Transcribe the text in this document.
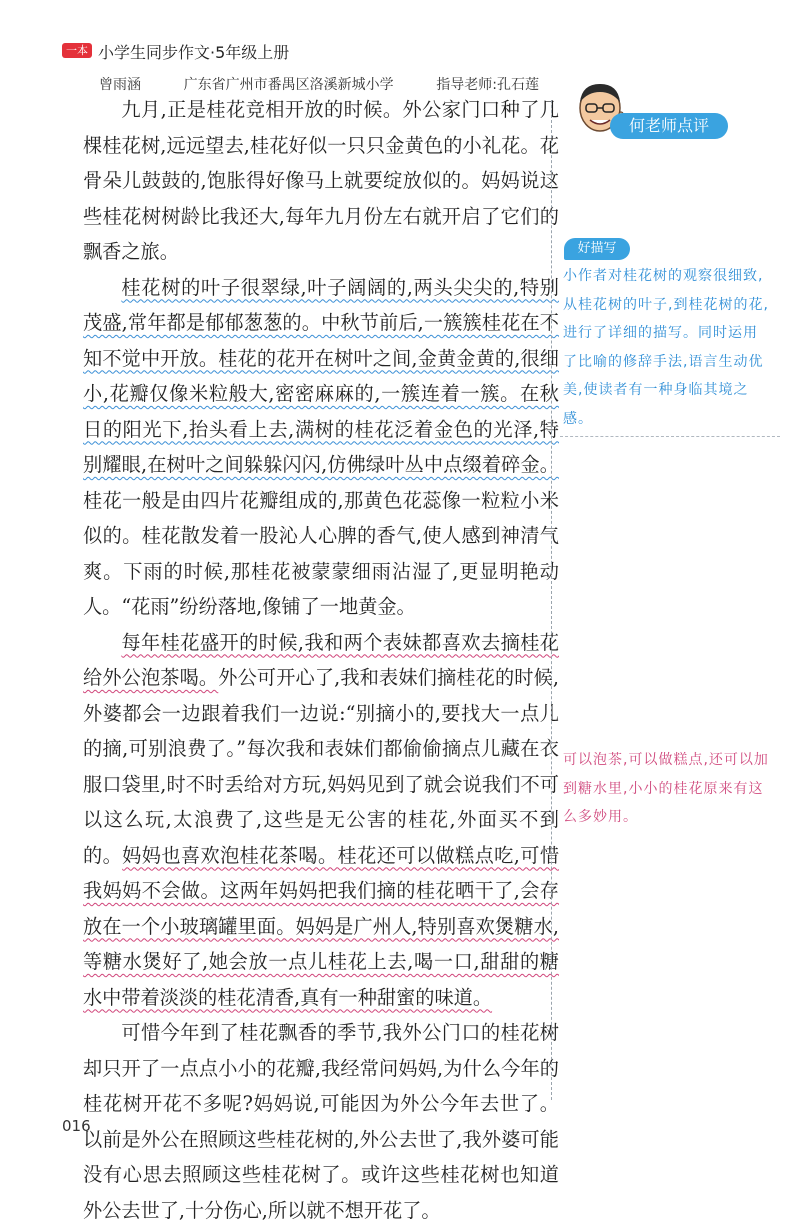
一本 小学生同步作文·5年级上册
曾雨涵	广东省广州市番禺区洛溪新城小学	指导老师:孔石莲

九月,正是桂花竞相开放的时候。外公家门口种了几棵桂花树,远远望去,桂花好似一只只金黄色的小礼花。花骨朵儿鼓鼓的,饱胀得好像马上就要绽放似的。妈妈说这些桂花树树龄比我还大,每年九月份左右就开启了它们的飘香之旅。

桂花树的叶子很翠绿,叶子阔阔的,两头尖尖的,特别茂盛,常年都是郁郁葱葱的。中秋节前后,一簇簇桂花在不知不觉中开放。桂花的花开在树叶之间,金黄金黄的,很细小,花瓣仅像米粒般大,密密麻麻的,一簇连着一簇。在秋日的阳光下,抬头看上去,满树的桂花泛着金色的光泽,特别耀眼,在树叶之间躲躲闪闪,仿佛绿叶丛中点缀着碎金。桂花一般是由四片花瓣组成的,那黄色花蕊像一粒粒小米似的。桂花散发着一股沁人心脾的香气,使人感到神清气爽。下雨的时候,那桂花被蒙蒙细雨沾湿了,更显明艳动人。“花雨”纷纷落地,像铺了一地黄金。

每年桂花盛开的时候,我和两个表妹都喜欢去摘桂花给外公泡茶喝。外公可开心了,我和表妹们摘桂花的时候,外婆都会一边跟着我们一边说:“别摘小的,要找大一点儿的摘,可别浪费了。”每次我和表妹们都偷偷摘点儿藏在衣服口袋里,时不时丢给对方玩,妈妈见到了就会说我们不可以这么玩,太浪费了,这些是无公害的桂花,外面买不到的。妈妈也喜欢泡桂花茶喝。桂花还可以做糕点吃,可惜我妈妈不会做。这两年妈妈把我们摘的桂花晒干了,会存放在一个小玻璃罐里面。妈妈是广州人,特别喜欢煲糖水,等糖水煲好了,她会放一点儿桂花上去,喝一口,甜甜的糖水中带着淡淡的桂花清香,真有一种甜蜜的味道。

可惜今年到了桂花飘香的季节,我外公门口的桂花树却只开了一点点小小的花瓣,我经常问妈妈,为什么今年的桂花树开花不多呢?妈妈说,可能因为外公今年去世了。以前是外公在照顾这些桂花树的,外公去世了,我外婆可能没有心思去照顾这些桂花树了。或许这些桂花树也知道外公去世了,十分伤心,所以就不想开花了。

何老师点评
好描写
小作者对桂花树的观察很细致,从桂花树的叶子,到桂花树的花,进行了详细的描写。同时运用了比喻的修辞手法,语言生动优美,使读者有一种身临其境之感。
可以泡茶,可以做糕点,还可以加到糖水里,小小的桂花原来有这么多妙用。
016
